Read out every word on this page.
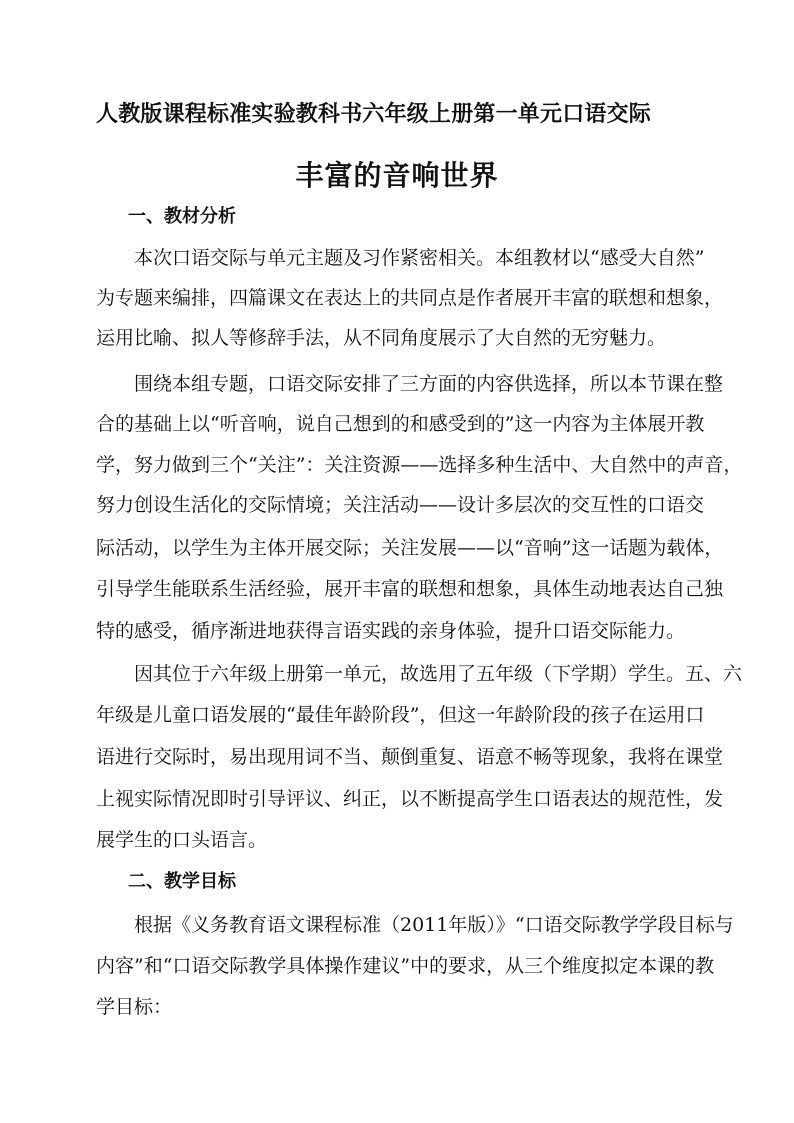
人教版课程标准实验教科书六年级上册第一单元口语交际
丰富的音响世界
一、教材分析
本次口语交际与单元主题及习作紧密相关。本组教材以“感受大自然”
为专题来编排，四篇课文在表达上的共同点是作者展开丰富的联想和想象，
运用比喻、拟人等修辞手法，从不同角度展示了大自然的无穷魅力。
围绕本组专题，口语交际安排了三方面的内容供选择，所以本节课在整
合的基础上以“听音响，说自己想到的和感受到的”这一内容为主体展开教
学，努力做到三个“关注”：关注资源——选择多种生活中、大自然中的声音，
努力创设生活化的交际情境；关注活动——设计多层次的交互性的口语交
际活动，以学生为主体开展交际；关注发展——以“音响”这一话题为载体，
引导学生能联系生活经验，展开丰富的联想和想象，具体生动地表达自己独
特的感受，循序渐进地获得言语实践的亲身体验，提升口语交际能力。
因其位于六年级上册第一单元，故选用了五年级（下学期）学生。五、六
年级是儿童口语发展的“最佳年龄阶段”，但这一年龄阶段的孩子在运用口
语进行交际时，易出现用词不当、颠倒重复、语意不畅等现象，我将在课堂
上视实际情况即时引导评议、纠正，以不断提高学生口语表达的规范性，发
展学生的口头语言。
二、教学目标
根据《义务教育语文课程标准（2011年版）》“口语交际教学学段目标与
内容”和“口语交际教学具体操作建议”中的要求，从三个维度拟定本课的教
学目标：
